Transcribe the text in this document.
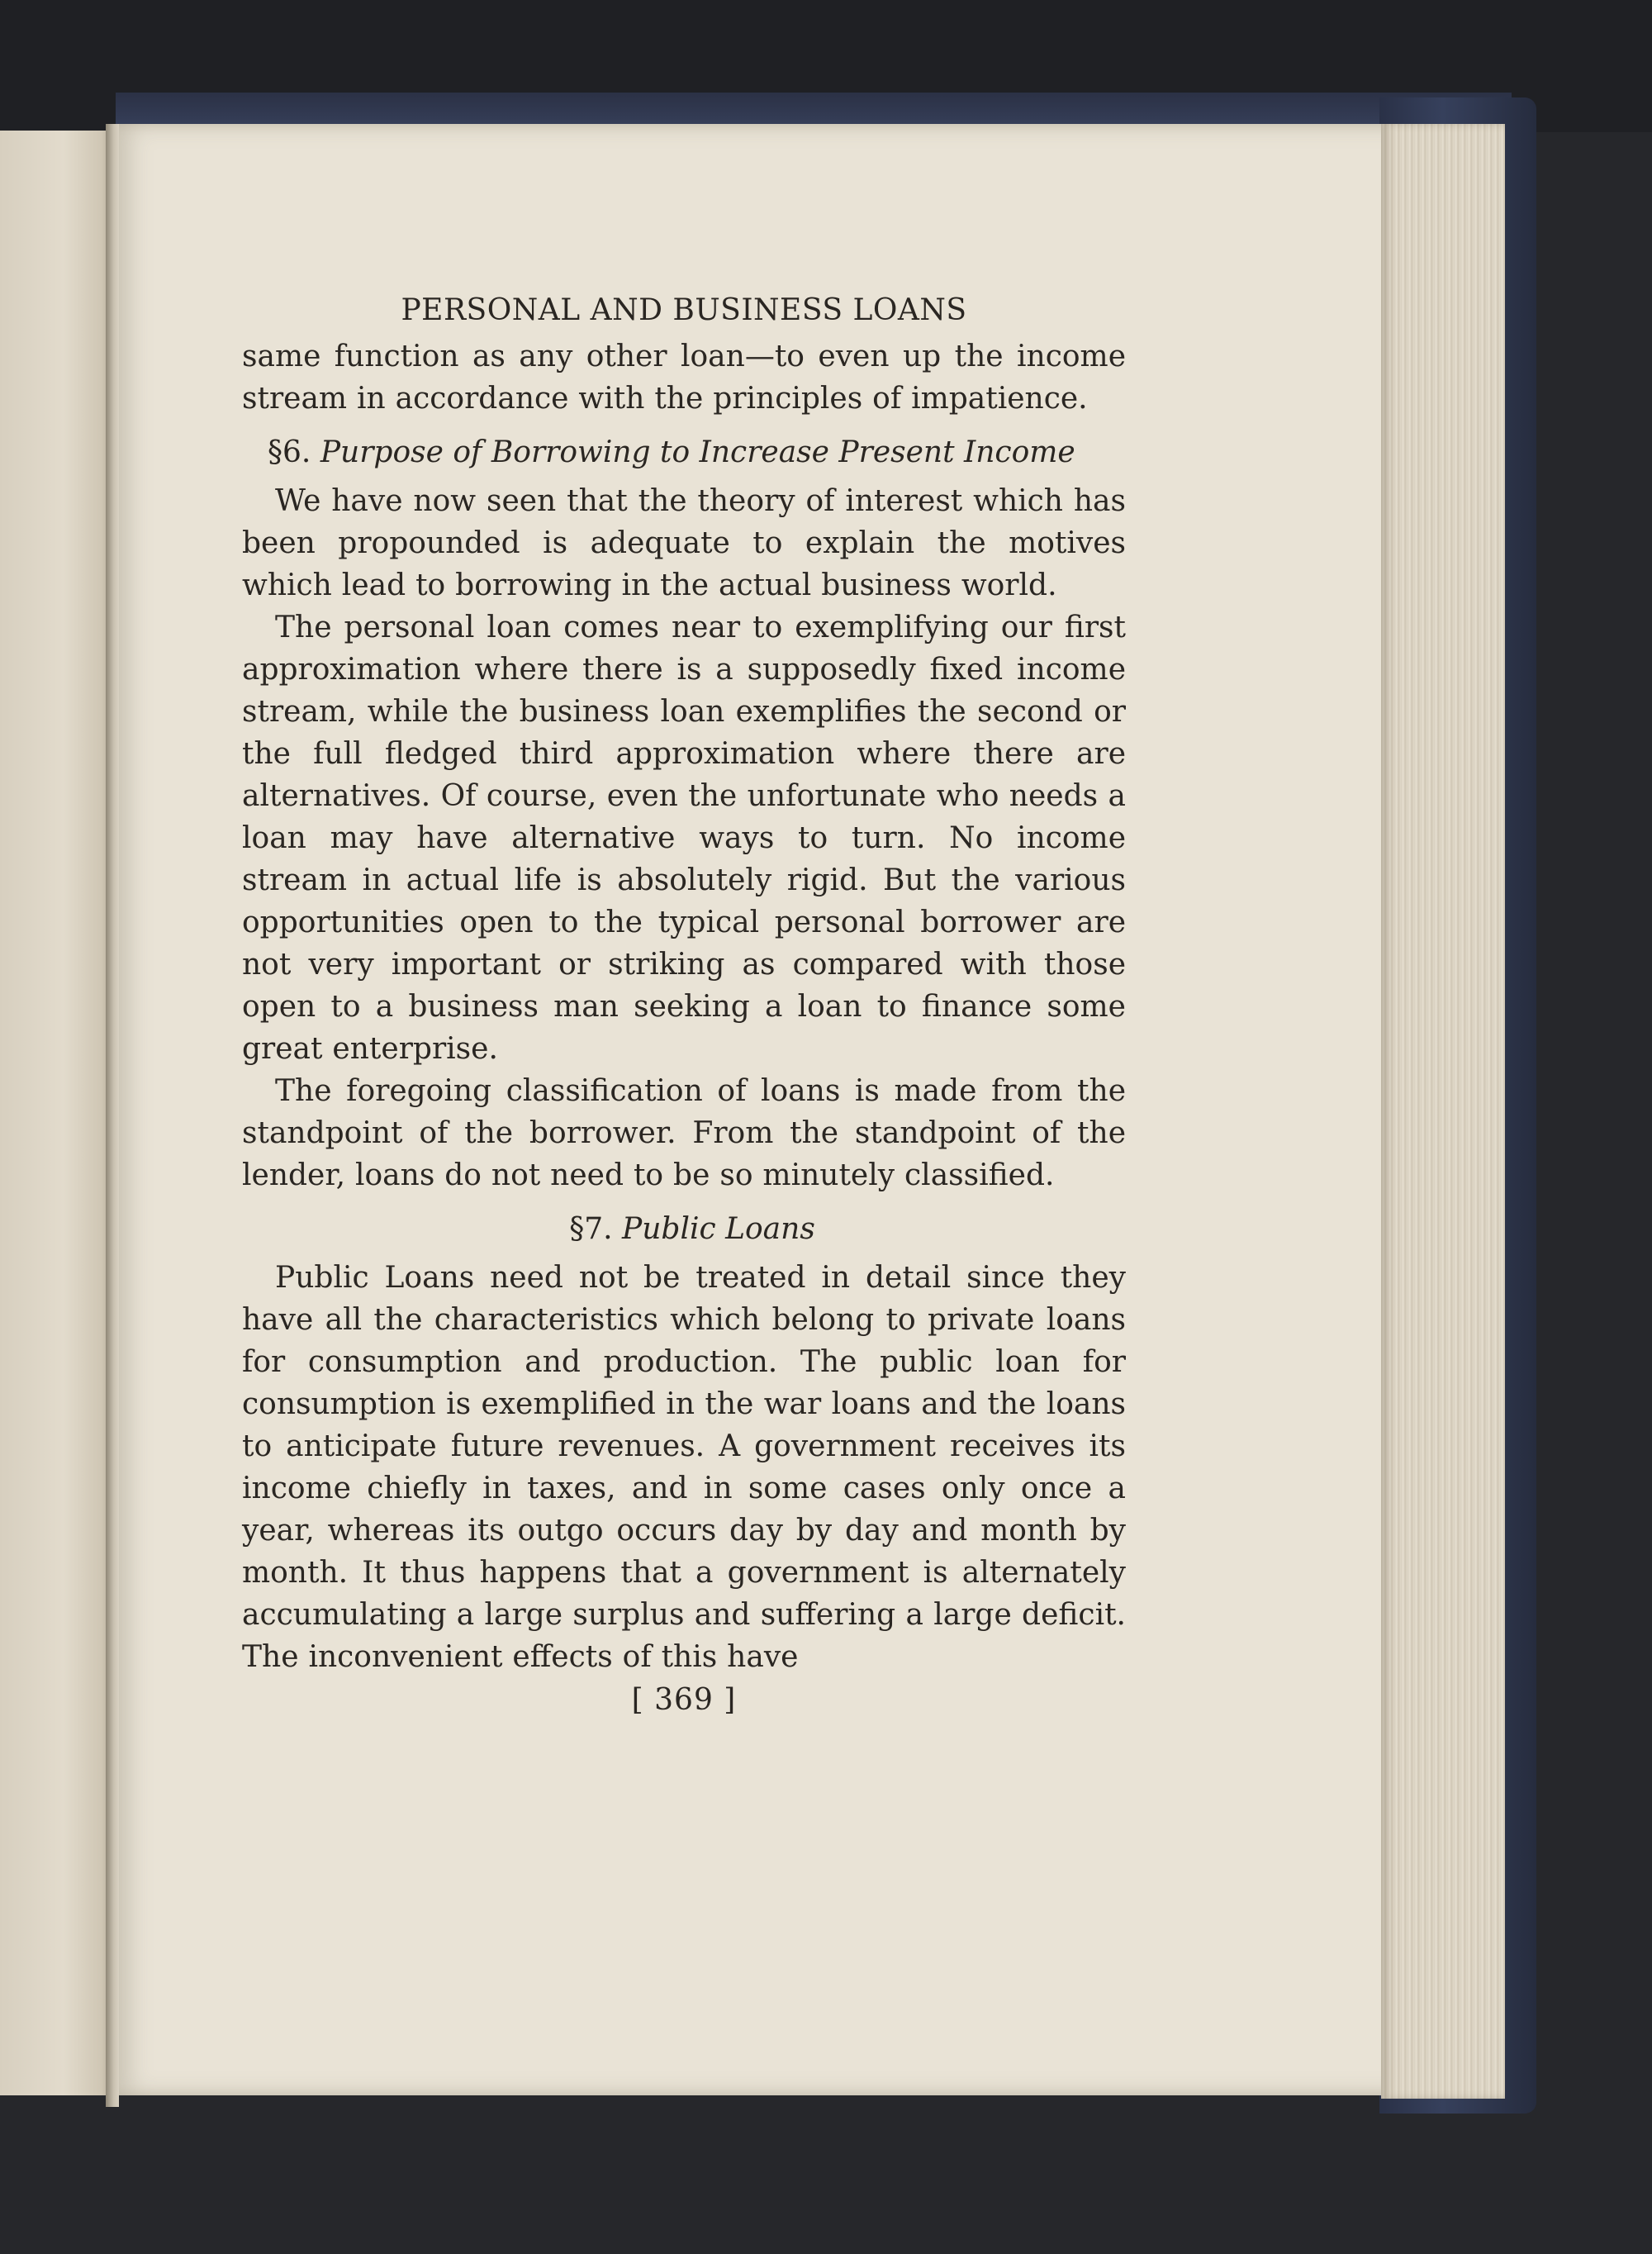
PERSONAL AND BUSINESS LOANS

same function as any other loan—to even up the income stream in accordance with the principles of impatience.

§6. Purpose of Borrowing to Increase Present Income

We have now seen that the theory of interest which has been propounded is adequate to explain the motives which lead to borrowing in the actual business world.

The personal loan comes near to exemplifying our first approximation where there is a supposedly fixed income stream, while the business loan exemplifies the second or the full fledged third approximation where there are alternatives. Of course, even the unfortunate who needs a loan may have alternative ways to turn. No income stream in actual life is absolutely rigid. But the various opportunities open to the typical personal borrower are not very important or striking as compared with those open to a business man seeking a loan to finance some great enterprise.

The foregoing classification of loans is made from the standpoint of the borrower. From the standpoint of the lender, loans do not need to be so minutely classified.

§7. Public Loans

Public Loans need not be treated in detail since they have all the characteristics which belong to private loans for consumption and production. The public loan for consumption is exemplified in the war loans and the loans to anticipate future revenues. A government receives its income chiefly in taxes, and in some cases only once a year, whereas its outgo occurs day by day and month by month. It thus happens that a government is alternately accumulating a large surplus and suffering a large deficit. The inconvenient effects of this have

[ 369 ]
